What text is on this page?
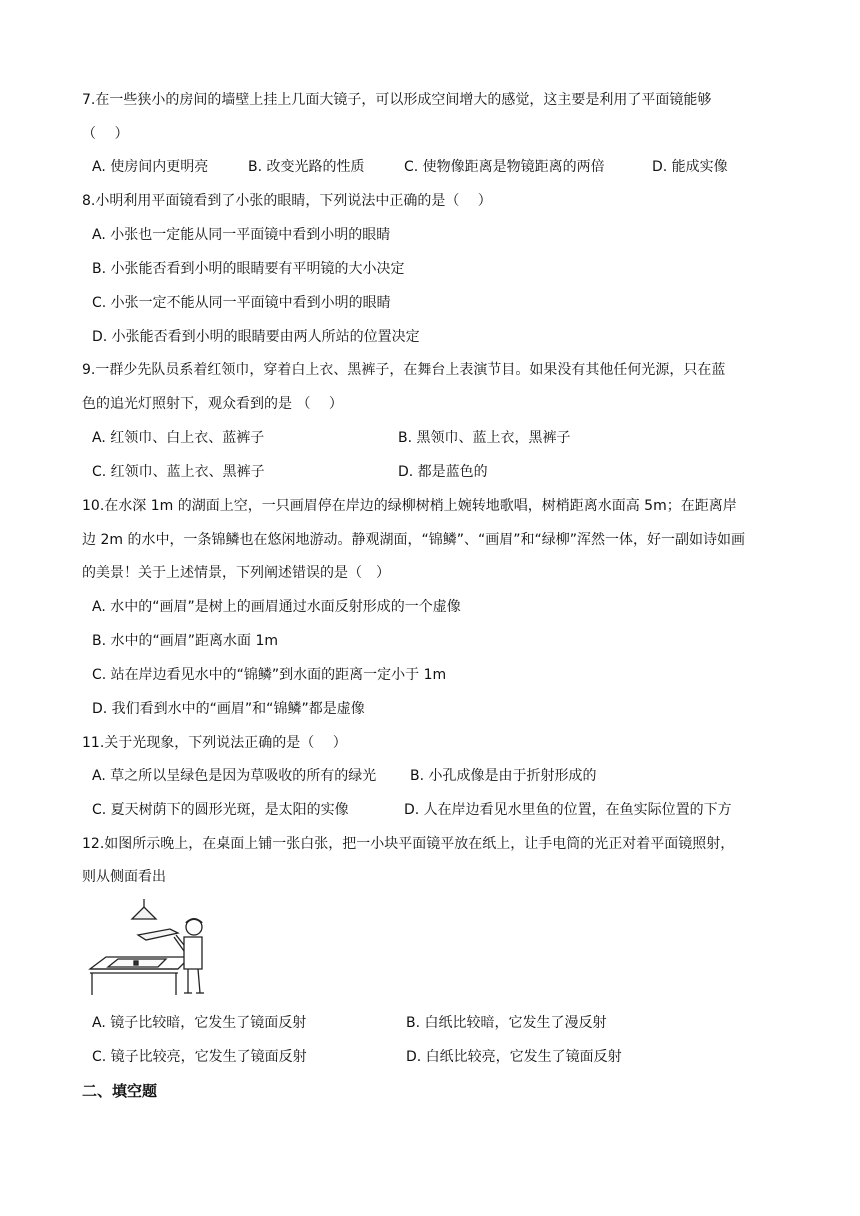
7.在一些狭小的房间的墙壁上挂上几面大镜子，可以形成空间增大的感觉，这主要是利用了平面镜能够
（　 ）
A. 使房间内更明亮	B. 改变光路的性质	C. 使物像距离是物镜距离的两倍	D. 能成实像
8.小明利用平面镜看到了小张的眼睛，下列说法中正确的是（　 ）
A. 小张也一定能从同一平面镜中看到小明的眼睛
B. 小张能否看到小明的眼睛要有平明镜的大小决定
C. 小张一定不能从同一平面镜中看到小明的眼睛
D. 小张能否看到小明的眼睛要由两人所站的位置决定
9.一群少先队员系着红领巾，穿着白上衣、黑裤子，在舞台上表演节目。如果没有其他任何光源，只在蓝
色的追光灯照射下，观众看到的是 （　 ）
A. 红领巾、白上衣、蓝裤子	B. 黑领巾、蓝上衣，黑裤子
C. 红领巾、蓝上衣、黑裤子	D. 都是蓝色的
10.在水深 1m 的湖面上空，一只画眉停在岸边的绿柳树梢上婉转地歌唱，树梢距离水面高 5m；在距离岸
边 2m 的水中，一条锦鳞也在悠闲地游动。静观湖面，“锦鳞”、“画眉”和“绿柳”浑然一体，好一副如诗如画
的美景！关于上述情景，下列阐述错误的是（　）
A. 水中的“画眉”是树上的画眉通过水面反射形成的一个虚像
B. 水中的“画眉”距离水面 1m
C. 站在岸边看见水中的“锦鳞”到水面的距离一定小于 1m
D. 我们看到水中的“画眉”和“锦鳞”都是虚像
11.关于光现象，下列说法正确的是（　 ）
A. 草之所以呈绿色是因为草吸收的所有的绿光 B. 小孔成像是由于折射形成的
C. 夏天树荫下的圆形光斑，是太阳的实像	D. 人在岸边看见水里鱼的位置，在鱼实际位置的下方
12.如图所示晚上，在桌面上铺一张白张，把一小块平面镜平放在纸上，让手电筒的光正对着平面镜照射，
则从侧面看出
A. 镜子比较暗，它发生了镜面反射	B. 白纸比较暗，它发生了漫反射
C. 镜子比较亮，它发生了镜面反射	D. 白纸比较亮，它发生了镜面反射
二、填空题
